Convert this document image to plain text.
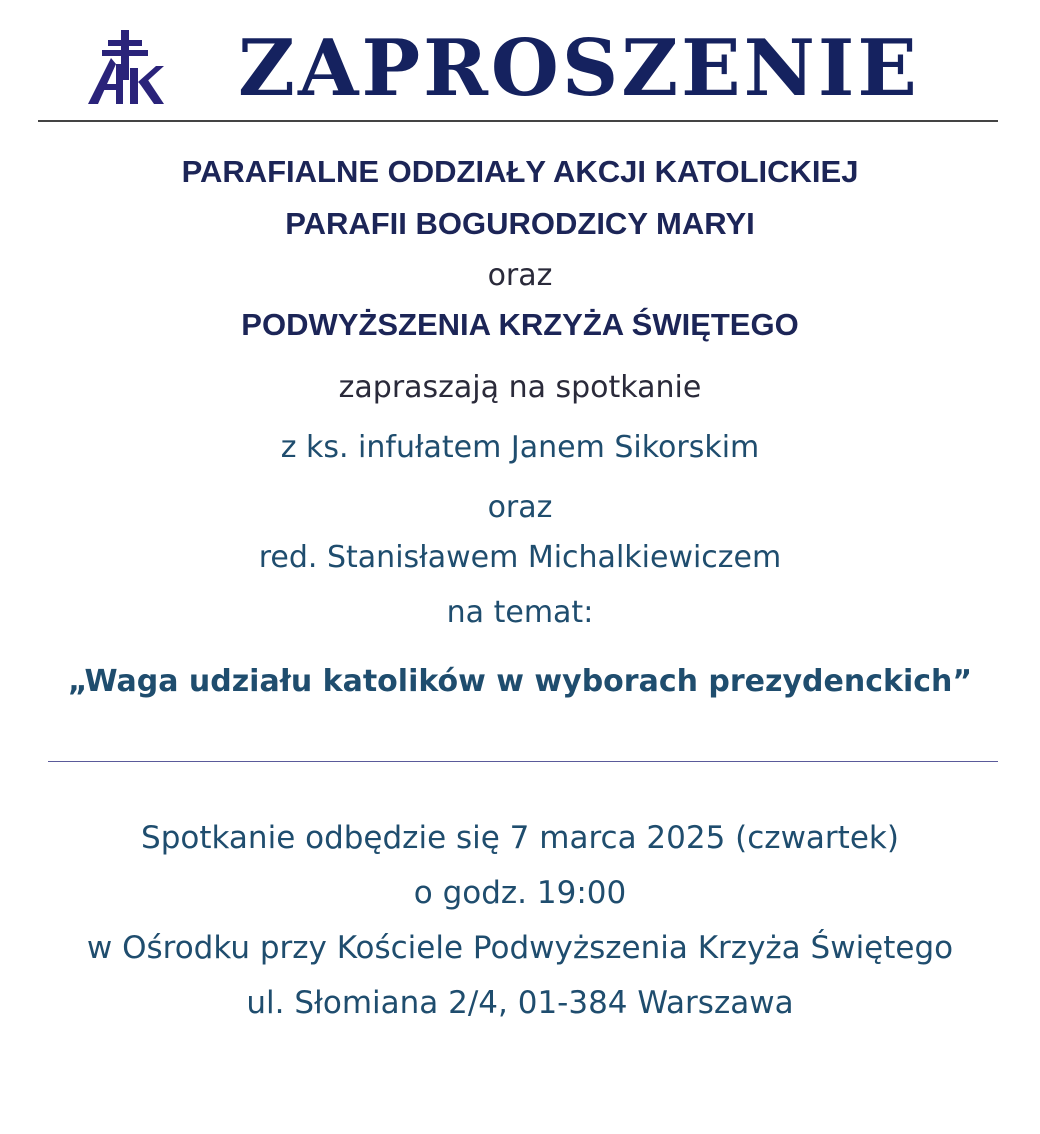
ZAPROSZENIE
PARAFIALNE ODDZIAŁY AKCJI KATOLICKIEJ
PARAFII BOGURODZICY MARYI
oraz
PODWYŻSZENIA KRZYŻA ŚWIĘTEGO
zapraszają na spotkanie
z ks. infułatem Janem Sikorskim
oraz
red. Stanisławem Michalkiewiczem
na temat:
„Waga udziału katolików w wyborach prezydenckich”
Spotkanie odbędzie się 7 marca 2025 (czwartek)
o godz. 19:00
w Ośrodku przy Kościele Podwyższenia Krzyża Świętego
ul. Słomiana 2/4, 01-384 Warszawa
